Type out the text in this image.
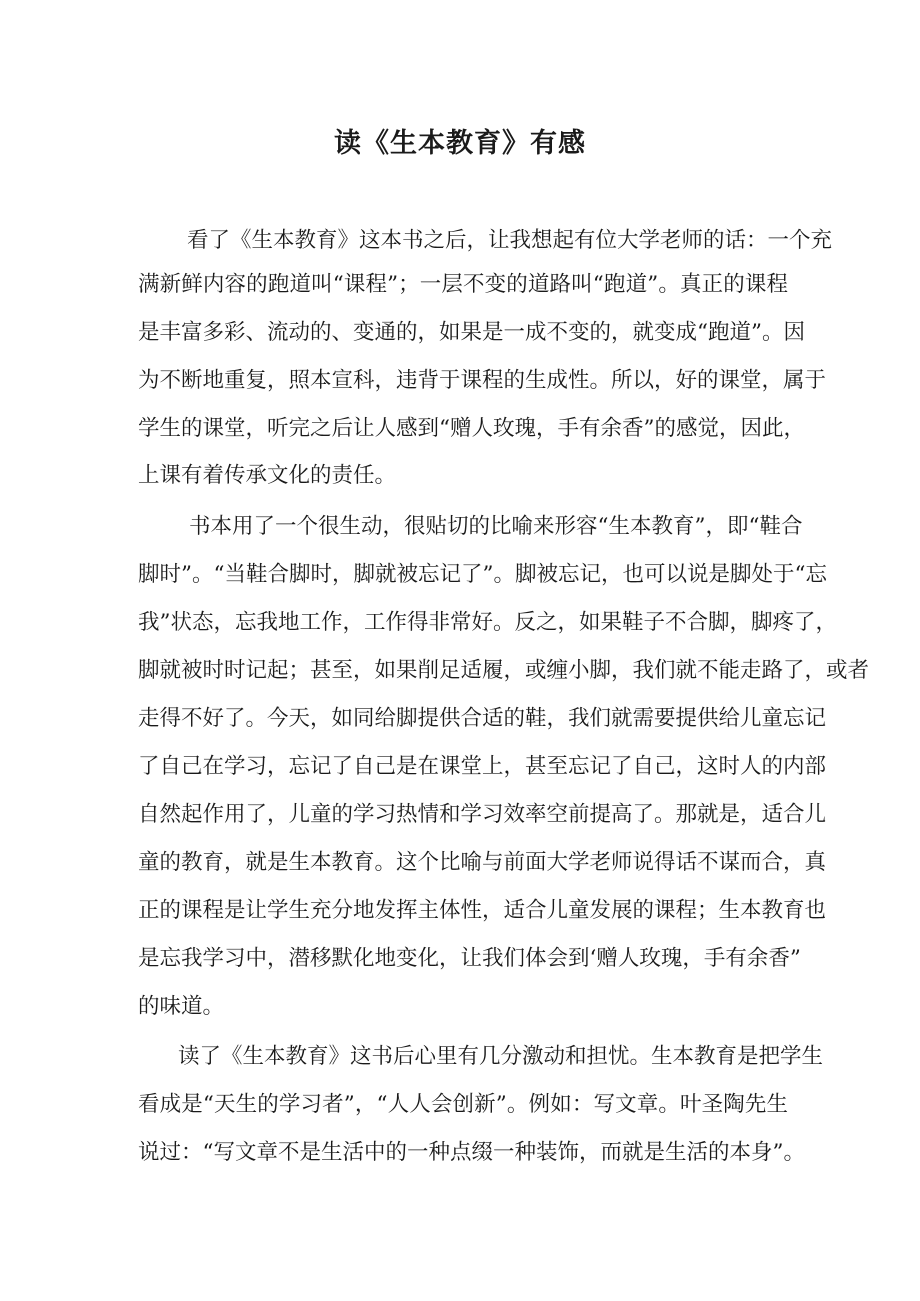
读《生本教育》有感

看了《生本教育》这本书之后，让我想起有位大学老师的话：一个充

满新鲜内容的跑道叫“课程”；一层不变的道路叫“跑道”。真正的课程

是丰富多彩、流动的、变通的，如果是一成不变的，就变成“跑道”。因

为不断地重复，照本宣科，违背于课程的生成性。所以，好的课堂，属于

学生的课堂，听完之后让人感到“赠人玫瑰，手有余香”的感觉，因此，

上课有着传承文化的责任。

书本用了一个很生动，很贴切的比喻来形容“生本教育”，即“鞋合

脚时”。“当鞋合脚时，脚就被忘记了”。脚被忘记，也可以说是脚处于“忘

我”状态，忘我地工作，工作得非常好。反之，如果鞋子不合脚，脚疼了，

脚就被时时记起；甚至，如果削足适履，或缠小脚，我们就不能走路了，或者

走得不好了。今天，如同给脚提供合适的鞋，我们就需要提供给儿童忘记

了自己在学习，忘记了自己是在课堂上，甚至忘记了自己，这时人的内部

自然起作用了，儿童的学习热情和学习效率空前提高了。那就是，适合儿

童的教育，就是生本教育。这个比喻与前面大学老师说得话不谋而合，真

正的课程是让学生充分地发挥主体性，适合儿童发展的课程；生本教育也

是忘我学习中，潜移默化地变化，让我们体会到‘赠人玫瑰，手有余香”

的味道。

读了《生本教育》这书后心里有几分激动和担忧。生本教育是把学生

看成是“天生的学习者”，“人人会创新”。例如：写文章。叶圣陶先生

说过：“写文章不是生活中的一种点缀一种装饰，而就是生活的本身”。
